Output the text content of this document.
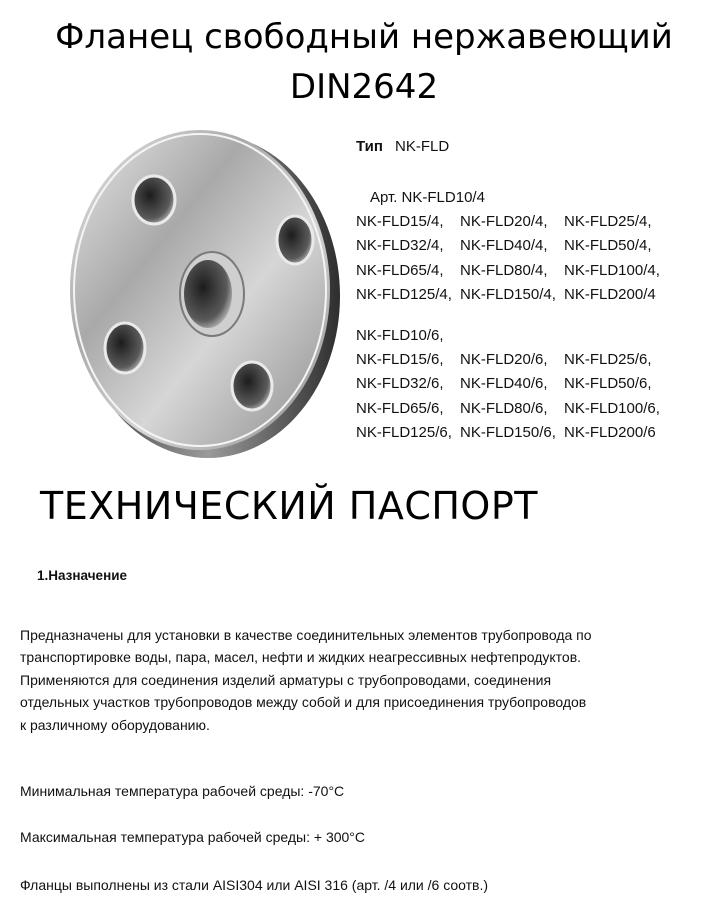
Фланец свободный нержавеющий
DIN2642
Тип NK-FLD
Арт. NK-FLD10/4
NK-FLD15/4, NK-FLD20/4, NK-FLD25/4,
NK-FLD32/4, NK-FLD40/4, NK-FLD50/4,
NK-FLD65/4, NK-FLD80/4, NK-FLD100/4,
NK-FLD125/4, NK-FLD150/4, NK-FLD200/4
NK-FLD10/6,
NK-FLD15/6, NK-FLD20/6, NK-FLD25/6,
NK-FLD32/6, NK-FLD40/6, NK-FLD50/6,
NK-FLD65/6, NK-FLD80/6, NK-FLD100/6,
NK-FLD125/6, NK-FLD150/6, NK-FLD200/6
ТЕХНИЧЕСКИЙ ПАСПОРТ
1.Назначение
Предназначены для установки в качестве соединительных элементов трубопровода по
транспортировке воды, пара, масел, нефти и жидких неагрессивных нефтепродуктов.
Применяются для соединения изделий арматуры с трубопроводами, соединения
отдельных участков трубопроводов между собой и для присоединения трубопроводов
к различному оборудованию.
Минимальная температура рабочей среды: -70°С
Максимальная температура рабочей среды: + 300°С
Фланцы выполнены из стали AISI304 или AISI 316 (арт. /4 или /6 соотв.)
